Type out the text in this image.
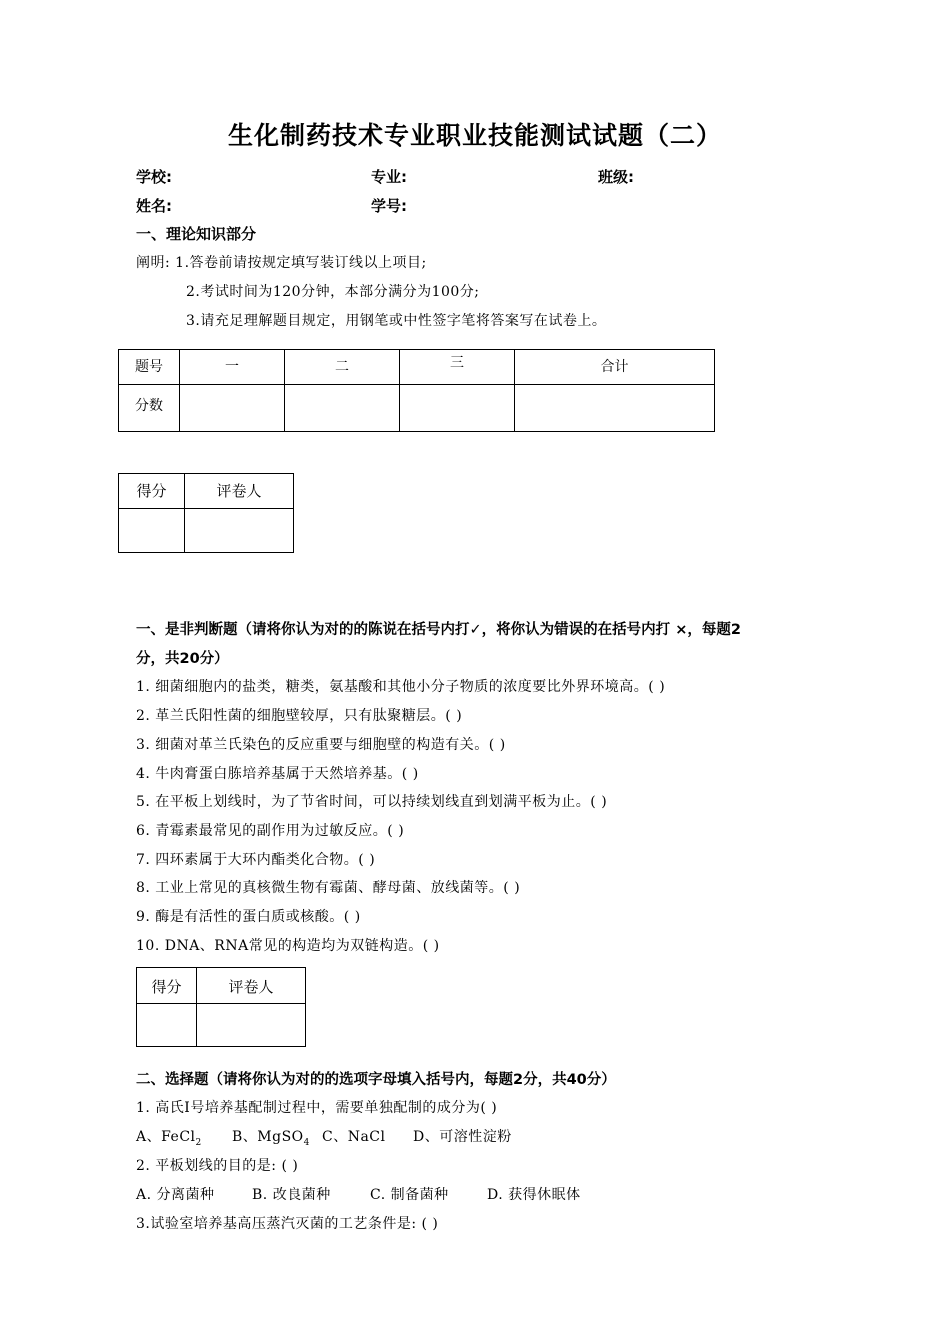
生化制药技术专业职业技能测试试题（二）
学校:	专业:	班级:
姓名:	学号:
一、理论知识部分
阐明: 1.答卷前请按规定填写装订线以上项目;
2.考试时间为120分钟，本部分满分为100分;
3.请充足理解题目规定，用钢笔或中性签字笔将答案写在试卷上。
题号	一	二	三	合计
分数				
得分	评卷人

一、是非判断题（请将你认为对的的陈说在括号内打✓，将你认为错误的在括号内打 ×，每题2
分，共20分）
1. 细菌细胞内的盐类，糖类，氨基酸和其他小分子物质的浓度要比外界环境高。( )
2. 革兰氏阳性菌的细胞壁较厚，只有肽聚糖层。( )
3. 细菌对革兰氏染色的反应重要与细胞壁的构造有关。( )
4. 牛肉膏蛋白胨培养基属于天然培养基。( )
5. 在平板上划线时，为了节省时间，可以持续划线直到划满平板为止。( )
6. 青霉素最常见的副作用为过敏反应。( )
7. 四环素属于大环内酯类化合物。( )
8. 工业上常见的真核微生物有霉菌、酵母菌、放线菌等。( )
9. 酶是有活性的蛋白质或核酸。( )
10. DNA、RNA常见的构造均为双链构造。( )
得分	评卷人

二、选择题（请将你认为对的的选项字母填入括号内，每题2分，共40分）
1. 高氏Ⅰ号培养基配制过程中，需要单独配制的成分为( )
A、FeCl$_2$ B、MgSO$_4$ C、NaCl D、可溶性淀粉
2. 平板划线的目的是: ( )
A. 分离菌种	B. 改良菌种	C. 制备菌种	D. 获得休眠体
3.试验室培养基高压蒸汽灭菌的工艺条件是: ( )
